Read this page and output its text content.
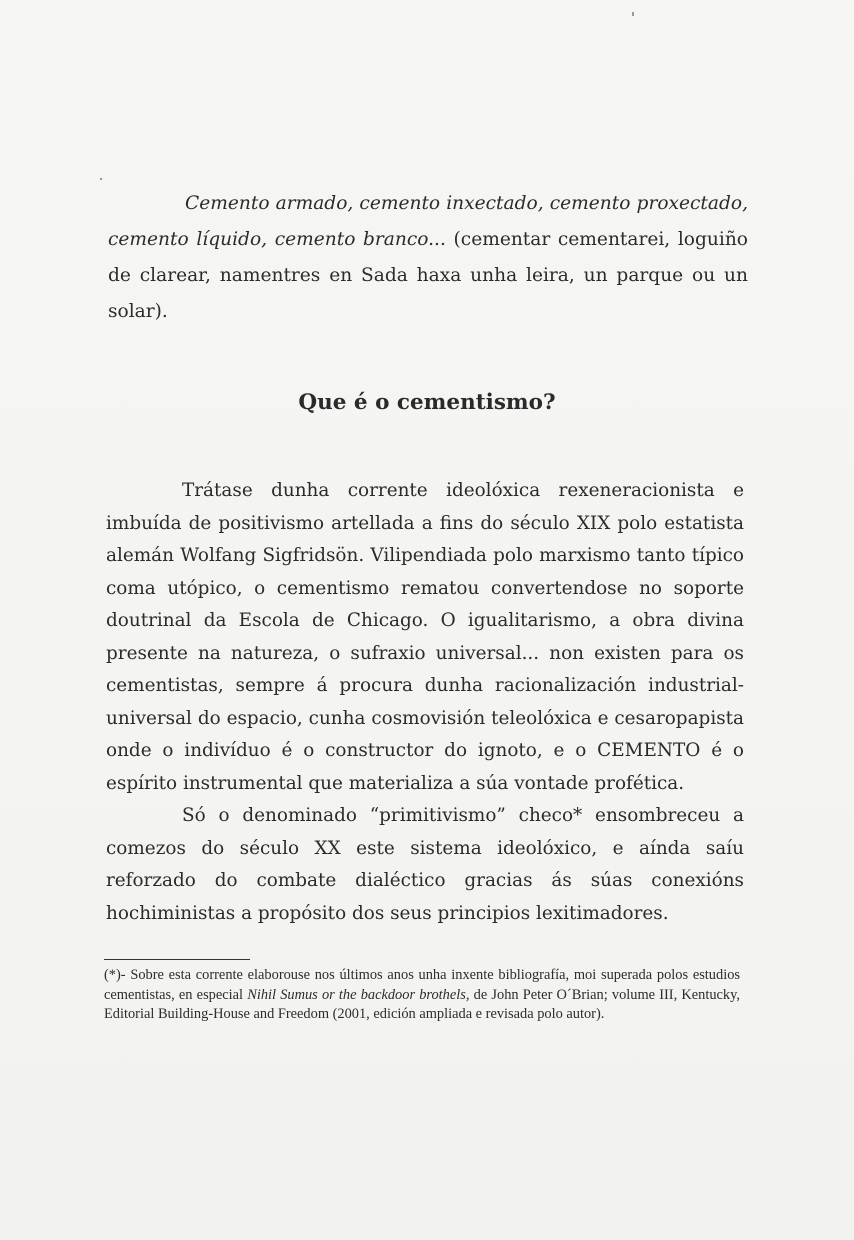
Cemento armado, cemento inxectado, cemento proxectado, cemento líquido, cemento branco... (cementar cementarei, loguiño de clarear, namentres en Sada haxa unha leira, un parque ou un solar).

Que é o cementismo?

Trátase dunha corrente ideolóxica rexeneracionista e imbuída de positivismo artellada a fins do século XIX polo estatista alemán Wolfang Sigfridsön. Vilipendiada polo marxismo tanto típico coma utópico, o cementismo rematou convertendose no soporte doutrinal da Escola de Chicago. O igualitarismo, a obra divina presente na natureza, o sufraxio universal... non existen para os cementistas, sempre á procura dunha racionalización industrial-universal do espacio, cunha cosmovisión teleolóxica e cesaropapista onde o indivíduo é o constructor do ignoto, e o CEMENTO é o espírito instrumental que materializa a súa vontade profética.

Só o denominado “primitivismo” checo* ensombreceu a comezos do século XX este sistema ideolóxico, e aínda saíu reforzado do combate dialéctico gracias ás súas conexións hochiministas a propósito dos seus principios lexitimadores.

(*)- Sobre esta corrente elaborouse nos últimos anos unha inxente bibliografía, moi superada polos estudios cementistas, en especial Nihil Sumus or the backdoor brothels, de John Peter O´Brian; volume III, Kentucky, Editorial Building-House and Freedom (2001, edición ampliada e revisada polo autor).
